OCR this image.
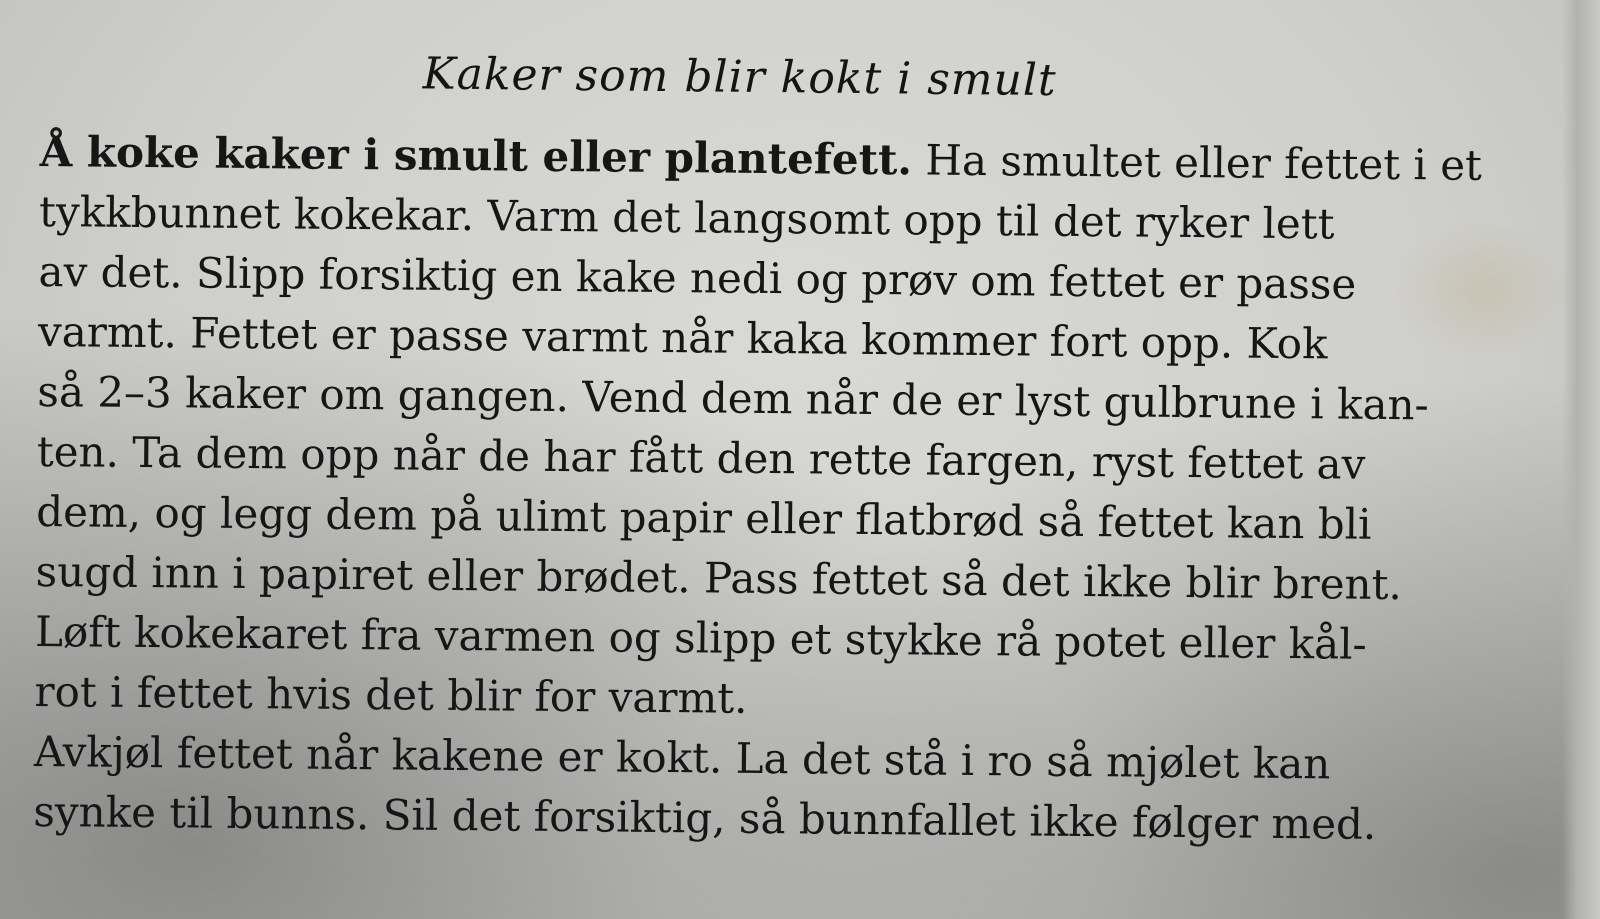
Kaker som blir kokt i smult
Å koke kaker i smult eller plantefett. Ha smultet eller fettet i et
tykkbunnet kokekar. Varm det langsomt opp til det ryker lett
av det. Slipp forsiktig en kake nedi og prøv om fettet er passe
varmt. Fettet er passe varmt når kaka kommer fort opp. Kok
så 2–3 kaker om gangen. Vend dem når de er lyst gulbrune i kan-
ten. Ta dem opp når de har fått den rette fargen, ryst fettet av
dem, og legg dem på ulimt papir eller flatbrød så fettet kan bli
sugd inn i papiret eller brødet. Pass fettet så det ikke blir brent.
Løft kokekaret fra varmen og slipp et stykke rå potet eller kål-
rot i fettet hvis det blir for varmt.
Avkjøl fettet når kakene er kokt. La det stå i ro så mjølet kan
synke til bunns. Sil det forsiktig, så bunnfallet ikke følger med.
